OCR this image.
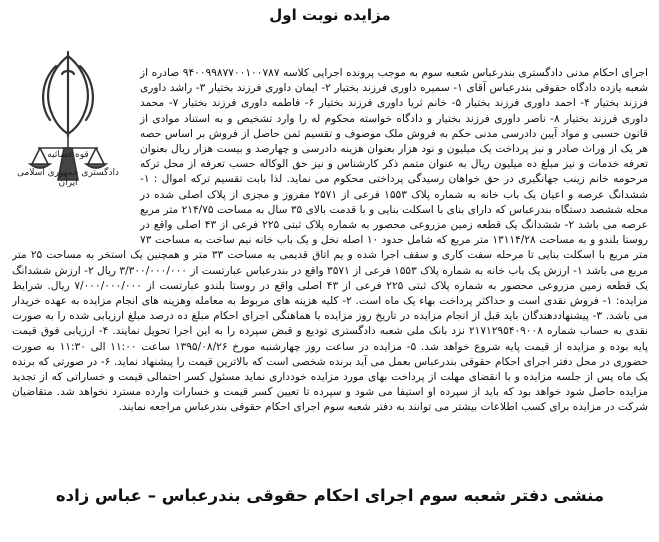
مزایده نوبت اول
قوه قضائیه
دادگستری جمهوری اسلامی ایران
اجرای احکام مدنی دادگستری بندرعباس شعبه سوم به موجب پرونده اجرایی کلاسه ۹۴۰۰۹۹۸۷۷۰۰۱۰۰۷۸۷ صادره از شعبه یازده دادگاه حقوقی بندرعباس آقای ۱- سمیره داوری فرزند بختیار ۲- ایمان داوری فرزند بختیار ۳- راشد داوری فرزند بختیار ۴- احمد داوری فرزند بختیار ۵- خانم ثریا داوری فرزند بختیار ۶- فاطمه داوری فرزند بختیار ۷- محمد داوری فرزند بختیار ۸- ناصر داوری فرزند بختیار و دادگاه خواسته محکوم له را وارد تشخیص و به استناد موادی از قانون حسبی و مواد آیین دادرسی مدنی حکم به فروش ملک موصوف و تقسیم ثمن حاصل از فروش بر اساس حصه هر یک از وراث صادر و نیز پرداخت یک میلیون و نود هزار بعنوان هزینه دادرسی و چهارصد و بیست هزار ریال بعنوان تعرفه خدمات و نیز مبلغ ده میلیون ریال به عنوان متمم ذکر کارشناس و نیز حق الوکاله حسب تعرفه از محل ترکه مرحومه خانم زینب جهانگیری در حق خواهان رسیدگی پرداختی محکوم می نماید. لذا بابت تقسیم ترکه اموال : ۱- ششدانگ عرصه و اعیان یک باب خانه به شماره پلاک ۱۵۵۳ فرعی از ۲۵۷۱ مفروز و مجزی از پلاک اصلی شده در محله ششصد دستگاه بندرعباس که دارای بنای با اسکلت بنایی و با قدمت بالای ۳۵ سال به مساحت ۲۱۴/۷۵ متر مربع عرصه می باشد ۲- ششدانگ یک قطعه زمین مزروعی محصور به شماره پلاک ثبتی ۲۲۵ فرعی از ۴۳ اصلی واقع در روستا بلندو و به مساحت ۱۳۱۱۴/۲۸ متر مربع که شامل حدود ۱۰ اصله نخل و یک باب خانه نیم ساخت به مساحت ۷۳ متر مربع با اسکلت بنایی تا مرحله سفت کاری و سقف اجرا شده و یم اتاق قدیمی به مساحت ۳۳ متر و همچنین یک استخر به مساحت ۲۵ متر مربع می باشد ۱- ارزش یک باب خانه به شماره پلاک ۱۵۵۳ فرعی از ۳۵۷۱ واقع در بندرعباس عبارتست از ۳/۳۰۰/۰۰۰/۰۰۰ ریال ۲- ارزش ششدانگ یک قطعه زمین مزروعی محصور به شماره پلاک ثبتی ۲۲۵ فرعی از ۴۳ اصلی واقع در روستا بلندو عبارتست از ۷/۰۰۰/۰۰۰/۰۰۰ ریال. شرایط مزایده: ۱- فروش نقدی است و حداکثر پرداخت بهاء یک ماه است. ۲- کلیه هزینه های مربوط به معامله وهزینه های انجام مزایده به عهده خریدار می باشد. ۳- پیشنهاددهندگان باید قبل از انجام مزایده در تاریخ روز مزایده با هماهنگی اجرای احکام مبلغ ده درصد مبلغ ارزیابی شده را به صورت نقدی به حساب شماره ۲۱۷۱۲۹۵۴۰۹۰۰۸ نزد بانک ملی شعبه دادگستری تودیع و قبض سپرده را به این اجرا تحویل نمایند. ۴- ارزیابی فوق قیمت پایه بوده و مزایده از قیمت پایه شروع خواهد شد. ۵- مزایده در ساعت روز چهارشنبه مورخ ۱۳۹۵/۰۸/۲۶ ساعت ۱۱:۰۰ الی ۱۱:۳۰ به صورت حضوری در محل دفتر اجرای احکام حقوقی بندرعباس بعمل می آید برنده شخصی است که بالاترین قیمت را پیشنهاد نماید. ۶- در صورتی که برنده یک ماه پس از جلسه مزایده و با انقضای مهلت از پرداخت بهای مورد مزایده خودداری نماید مسئول کسر احتمالی قیمت و خساراتی که از تجدید مزایده حاصل شود خواهد بود که باید از سپرده او استیفا می شود و سپرده تا تعیین کسر قیمت و خسارات وارده مسترد نخواهد شد. متقاضیان شرکت در مزایده برای کسب اطلاعات بیشتر می توانند به دفتر شعبه سوم اجرای احکام حقوقی بندرعباس مراجعه نمایند.
منشی دفتر شعبه سوم اجرای احکام حقوقی بندرعباس – عباس زاده
